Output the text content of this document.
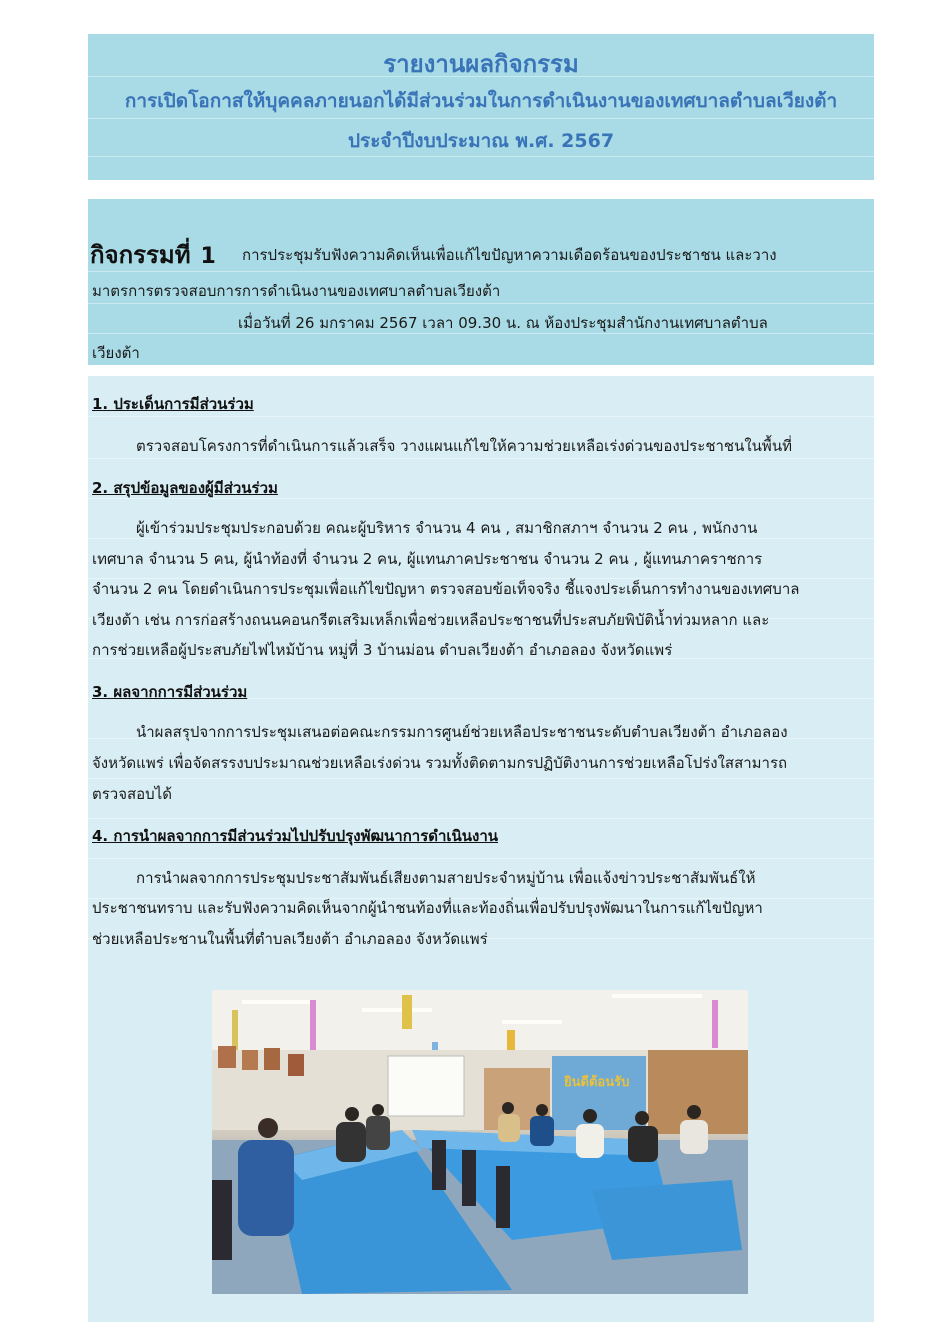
รายงานผลกิจกรรม
การเปิดโอกาสให้บุคคลภายนอกได้มีส่วนร่วมในการดำเนินงานของเทศบาลตำบลเวียงต้า
ประจำปีงบประมาณ พ.ศ. 2567
กิจกรรมที่ 1 การประชุมรับฟังความคิดเห็นเพื่อแก้ไขปัญหาความเดือดร้อนของประชาชน และวาง
มาตรการตรวจสอบการการดำเนินงานของเทศบาลตำบลเวียงต้า
เมื่อวันที่ 26 มกราคม 2567 เวลา 09.30 น. ณ ห้องประชุมสำนักงานเทศบาลตำบล
เวียงต้า
1. ประเด็นการมีส่วนร่วม
ตรวจสอบโครงการที่ดำเนินการแล้วเสร็จ วางแผนแก้ไขให้ความช่วยเหลือเร่งด่วนของประชาชนในพื้นที่
2. สรุปข้อมูลของผู้มีส่วนร่วม
ผู้เข้าร่วมประชุมประกอบด้วย คณะผู้บริหาร จำนวน 4 คน , สมาชิกสภาฯ จำนวน 2 คน , พนักงาน
เทศบาล จำนวน 5 คน, ผู้นำท้องที่ จำนวน 2 คน, ผู้แทนภาคประชาชน จำนวน 2 คน , ผู้แทนภาคราชการ
จำนวน 2 คน โดยดำเนินการประชุมเพื่อแก้ไขปัญหา ตรวจสอบข้อเท็จจริง ชี้แจงประเด็นการทำงานของเทศบาล
เวียงต้า เช่น การก่อสร้างถนนคอนกรีตเสริมเหล็กเพื่อช่วยเหลือประชาชนที่ประสบภัยพิบัติน้ำท่วมหลาก และ
การช่วยเหลือผู้ประสบภัยไฟไหม้บ้าน หมู่ที่ 3 บ้านม่อน ตำบลเวียงต้า อำเภอลอง จังหวัดแพร่
3. ผลจากการมีส่วนร่วม
นำผลสรุปจากการประชุมเสนอต่อคณะกรรมการศูนย์ช่วยเหลือประชาชนระดับตำบลเวียงต้า อำเภอลอง
จังหวัดแพร่ เพื่อจัดสรรงบประมาณช่วยเหลือเร่งด่วน รวมทั้งติดตามกรปฏิบัติงานการช่วยเหลือโปร่งใสสามารถ
ตรวจสอบได้
4. การนำผลจากการมีส่วนร่วมไปปรับปรุงพัฒนาการดำเนินงาน
การนำผลจากการประชุมประชาสัมพันธ์เสียงตามสายประจำหมู่บ้าน เพื่อแจ้งข่าวประชาสัมพันธ์ให้
ประชาชนทราบ และรับฟังความคิดเห็นจากผู้นำชนท้องที่และท้องถิ่นเพื่อปรับปรุงพัฒนาในการแก้ไขปัญหา
ช่วยเหลือประชานในพื้นที่ตำบลเวียงต้า อำเภอลอง จังหวัดแพร่
ยินดีต้อนรับ
